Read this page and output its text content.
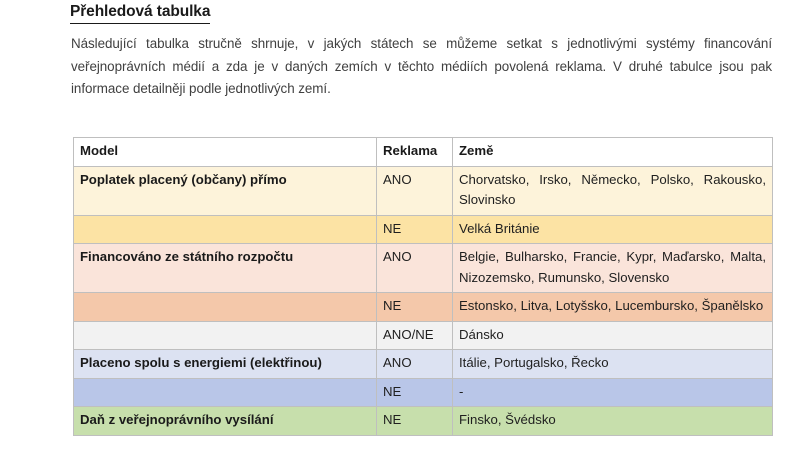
Přehledová tabulka

Následující tabulka stručně shrnuje, v jakých státech se můžeme setkat s jednotlivými systémy financování veřejnoprávních médií a zda je v daných zemích v těchto médiích povolená reklama. V druhé tabulce jsou pak informace detailněji podle jednotlivých zemí.

Model	Reklama	Země
Poplatek placený (občany) přímo	ANO	Chorvatsko, Irsko, Německo, Polsko, Rakousko, Slovinsko
	NE	Velká Británie
Financováno ze státního rozpočtu	ANO	Belgie, Bulharsko, Francie, Kypr, Maďarsko, Malta, Nizozemsko, Rumunsko, Slovensko
	NE	Estonsko, Litva, Lotyšsko, Lucembursko, Španělsko
	ANO/NE	Dánsko
Placeno spolu s energiemi (elektřinou)	ANO	Itálie, Portugalsko, Řecko
	NE	-
Daň z veřejnoprávního vysílání	NE	Finsko, Švédsko
